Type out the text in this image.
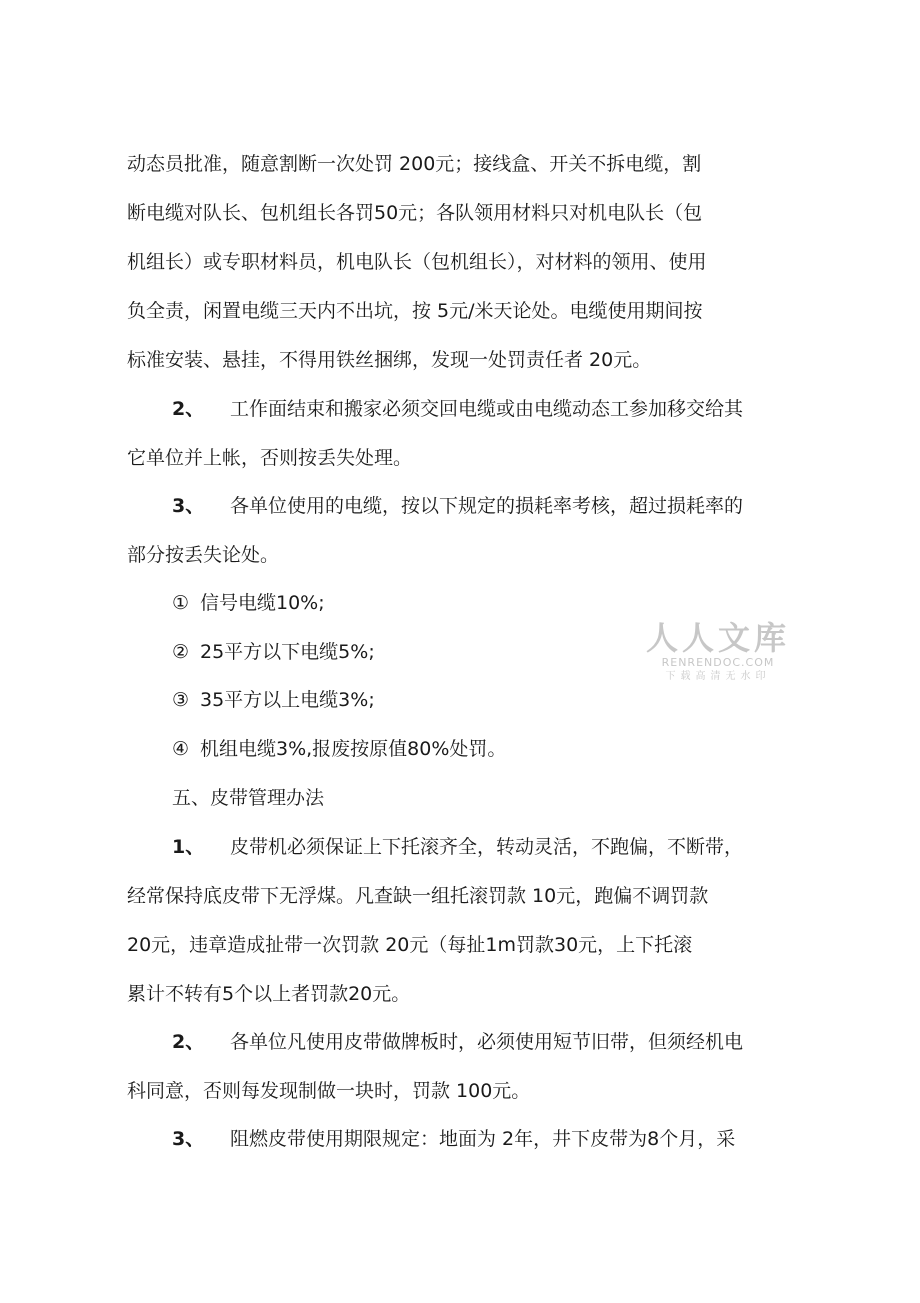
动态员批准，随意割断一次处罚 200元；接线盒、开关不拆电缆，割
断电缆对队长、包机组长各罚50元；各队领用材料只对机电队长（包
机组长）或专职材料员，机电队长（包机组长），对材料的领用、使用
负全责，闲置电缆三天内不出坑，按 5元/米天论处。电缆使用期间按
标准安装、悬挂，不得用铁丝捆绑，发现一处罚责任者 20元。
2、 工作面结束和搬家必须交回电缆或由电缆动态工参加移交给其
它单位并上帐，否则按丢失处理。
3、 各单位使用的电缆，按以下规定的损耗率考核，超过损耗率的
部分按丢失论处。
① 信号电缆10%;
② 25平方以下电缆5%;
③ 35平方以上电缆3%;
④ 机组电缆3%,报废按原值80%处罚。
五、皮带管理办法
1、 皮带机必须保证上下托滚齐全，转动灵活，不跑偏，不断带，
经常保持底皮带下无浮煤。凡查缺一组托滚罚款 10元，跑偏不调罚款
20元，违章造成扯带一次罚款 20元（每扯1m罚款30元，上下托滚
累计不转有5个以上者罚款20元。
2、 各单位凡使用皮带做牌板时，必须使用短节旧带，但须经机电
科同意，否则每发现制做一块时，罚款 100元。
3、 阻燃皮带使用期限规定：地面为 2年，井下皮带为8个月，采
人人文库
RENRENDOC.COM
下载高清无水印
